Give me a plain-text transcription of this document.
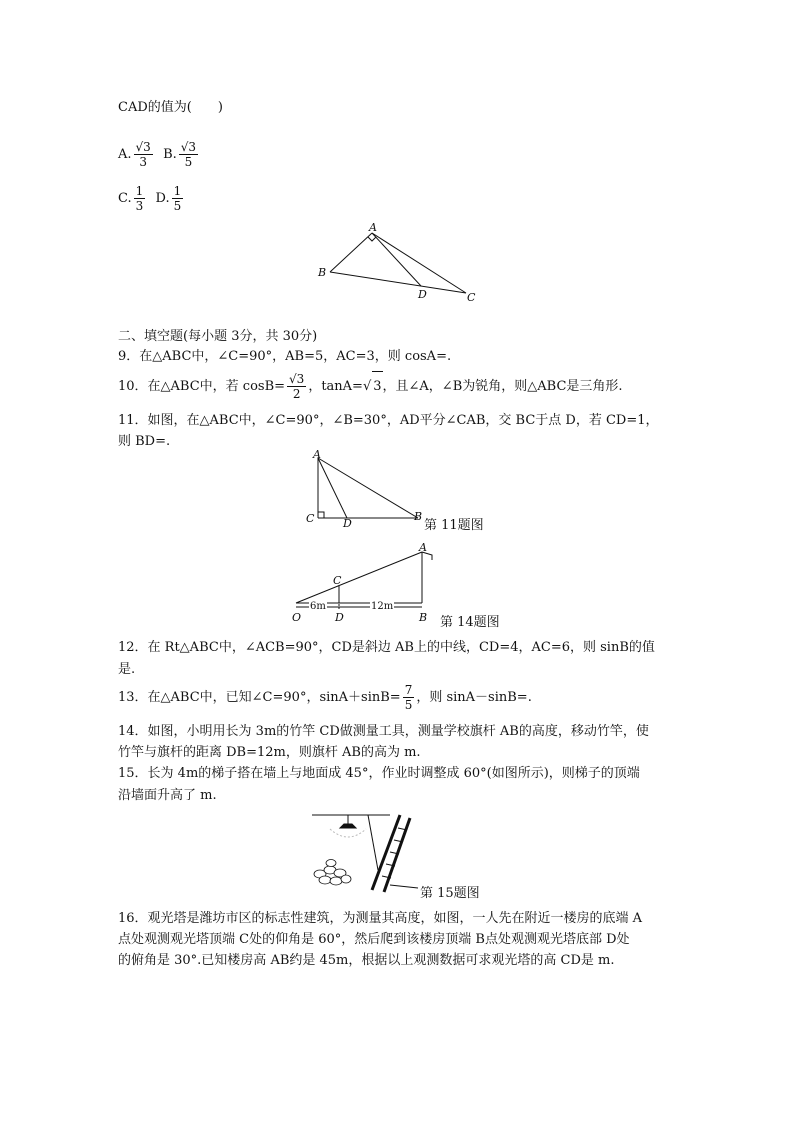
CAD的值为(　　)
A. $\frac{√3}{3} B$. $\frac{√3}{5}$
C. $\frac{1}{3} D$. $\frac{1}{5}$
A
B
D	C
二、填空题(每小题 3分，共 30分)
9．在△ABC中，∠C=90°，AB=5，AC=3，则 cosA=.
10．在△ABC中，若 $\cos B= \frac{√3}{2}$ ，tanA=√ 3，且∠A，∠B为锐角，则△ABC是三角形.
11．如图，在△ABC中，∠C=90°，∠B=30°，AD平分∠CAB，交 BC于点 D，若 CD=1，
则 BD=.
A
C	D
B
第 11题图
A
C
O	D	B
6m	12m
第 14题图
12．在 Rt△ABC中，∠ACB=90°，CD是斜边 AB上的中线，CD=4，AC=6，则 sinB的值
是.
13．在△ABC中，已知∠C=90°，$\sin A+\sin B= \frac{7}{5}$ ，则 sinA－sinB=.
14．如图，小明用长为 3m的竹竿 CD做测量工具，测量学校旗杆 AB的高度，移动竹竿，使
竹竿与旗杆的距离 DB=12m，则旗杆 AB的高为 m.
15．长为 4m的梯子搭在墙上与地面成 45°，作业时调整成 60°(如图所示)，则梯子的顶端
沿墙面升高了 m.
第 15题图
16．观光塔是潍坊市区的标志性建筑，为测量其高度，如图，一人先在附近一楼房的底端 A
点处观测观光塔顶端 C处的仰角是 60°，然后爬到该楼房顶端 B点处观测观光塔底部 D处
的俯角是 30°.已知楼房高 AB约是 45m，根据以上观测数据可求观光塔的高 CD是 m.
